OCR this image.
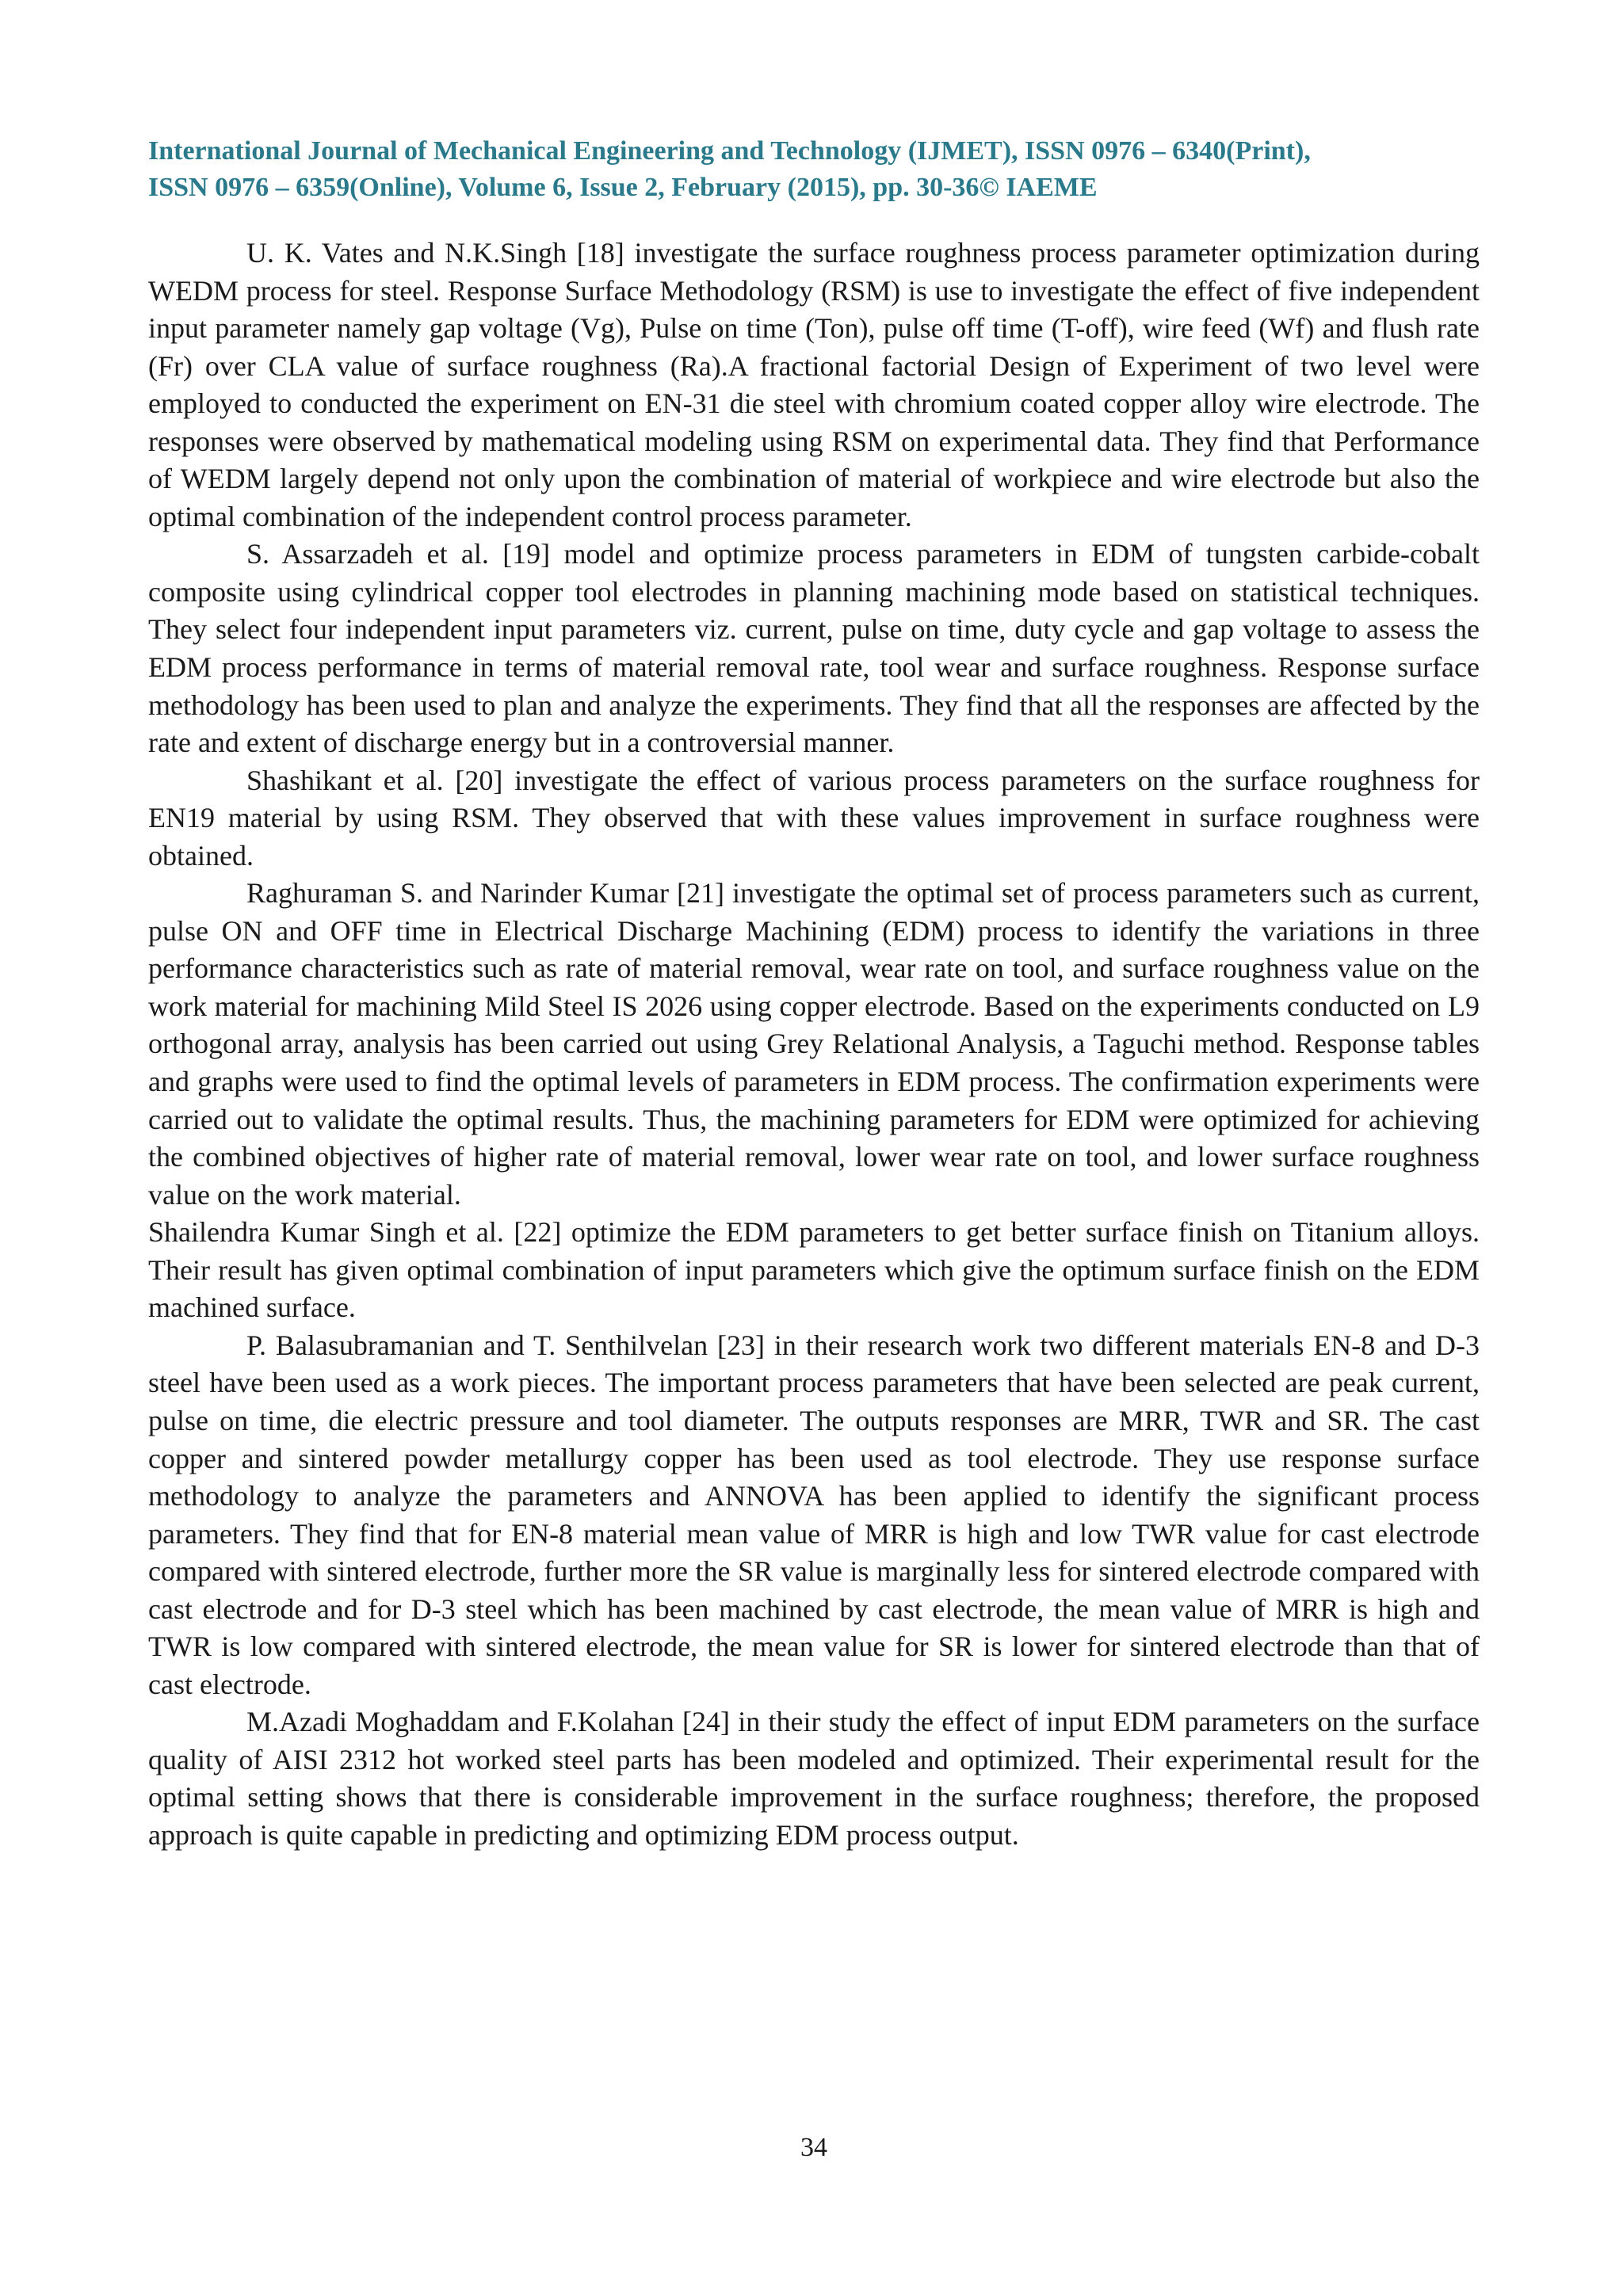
International Journal of Mechanical Engineering and Technology (IJMET), ISSN 0976 – 6340(Print),
ISSN 0976 – 6359(Online), Volume 6, Issue 2, February (2015), pp. 30-36© IAEME

U. K. Vates and N.K.Singh [18] investigate the surface roughness process parameter optimization during WEDM process for steel. Response Surface Methodology (RSM) is use to investigate the effect of five independent input parameter namely gap voltage (Vg), Pulse on time (Ton), pulse off time (T-off), wire feed (Wf) and flush rate (Fr) over CLA value of surface roughness (Ra).A fractional factorial Design of Experiment of two level were employed to conducted the experiment on EN-31 die steel with chromium coated copper alloy wire electrode. The responses were observed by mathematical modeling using RSM on experimental data. They find that Performance of WEDM largely depend not only upon the combination of material of workpiece and wire electrode but also the optimal combination of the independent control process parameter.

S. Assarzadeh et al. [19] model and optimize process parameters in EDM of tungsten carbide-cobalt composite using cylindrical copper tool electrodes in planning machining mode based on statistical techniques. They select four independent input parameters viz. current, pulse on time, duty cycle and gap voltage to assess the EDM process performance in terms of material removal rate, tool wear and surface roughness. Response surface methodology has been used to plan and analyze the experiments. They find that all the responses are affected by the rate and extent of discharge energy but in a controversial manner.

Shashikant et al. [20] investigate the effect of various process parameters on the surface roughness for EN19 material by using RSM. They observed that with these values improvement in surface roughness were obtained.

Raghuraman S. and Narinder Kumar [21] investigate the optimal set of process parameters such as current, pulse ON and OFF time in Electrical Discharge Machining (EDM) process to identify the variations in three performance characteristics such as rate of material removal, wear rate on tool, and surface roughness value on the work material for machining Mild Steel IS 2026 using copper electrode. Based on the experiments conducted on L9 orthogonal array, analysis has been carried out using Grey Relational Analysis, a Taguchi method. Response tables and graphs were used to find the optimal levels of parameters in EDM process. The confirmation experiments were carried out to validate the optimal results. Thus, the machining parameters for EDM were optimized for achieving the combined objectives of higher rate of material removal, lower wear rate on tool, and lower surface roughness value on the work material.

Shailendra Kumar Singh et al. [22] optimize the EDM parameters to get better surface finish on Titanium alloys. Their result has given optimal combination of input parameters which give the optimum surface finish on the EDM machined surface.

P. Balasubramanian and T. Senthilvelan [23] in their research work two different materials EN-8 and D-3 steel have been used as a work pieces. The important process parameters that have been selected are peak current, pulse on time, die electric pressure and tool diameter. The outputs responses are MRR, TWR and SR. The cast copper and sintered powder metallurgy copper has been used as tool electrode. They use response surface methodology to analyze the parameters and ANNOVA has been applied to identify the significant process parameters. They find that for EN-8 material mean value of MRR is high and low TWR value for cast electrode compared with sintered electrode, further more the SR value is marginally less for sintered electrode compared with cast electrode and for D-3 steel which has been machined by cast electrode, the mean value of MRR is high and TWR is low compared with sintered electrode, the mean value for SR is lower for sintered electrode than that of cast electrode.

M.Azadi Moghaddam and F.Kolahan [24] in their study the effect of input EDM parameters on the surface quality of AISI 2312 hot worked steel parts has been modeled and optimized. Their experimental result for the optimal setting shows that there is considerable improvement in the surface roughness; therefore, the proposed approach is quite capable in predicting and optimizing EDM process output.

34
